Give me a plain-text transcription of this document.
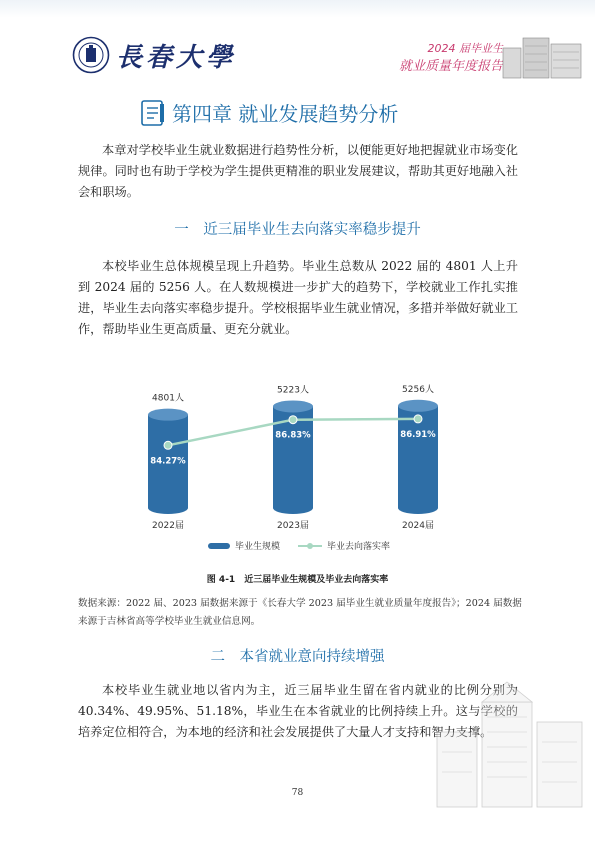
長春大學	2024 届毕业生
就业质量年度报告
第四章 就业发展趋势分析

本章对学校毕业生就业数据进行趋势性分析，以便能更好地把握就业市场变化规律。同时也有助于学校为学生提供更精准的职业发展建议，帮助其更好地融入社会和职场。

一　近三届毕业生去向落实率稳步提升

本校毕业生总体规模呈现上升趋势。毕业生总数从 2022 届的 4801 人上升到 2024 届的 5256 人。在人数规模进一步扩大的趋势下，学校就业工作扎实推进，毕业生去向落实率稳步提升。学校根据毕业生就业情况，多措并举做好就业工作，帮助毕业生更高质量、更充分就业。

4801人
2022届
5223人
2023届
5256人
2024届
84.27%
86.83%	86.91%
毕业生规模	毕业去向落实率
图 4-1　近三届毕业生规模及毕业去向落实率
数据来源：2022 届、2023 届数据来源于《长春大学 2023 届毕业生就业质量年度报告》；2024 届数据来源于吉林省高等学校毕业生就业信息网。
二　本省就业意向持续增强

本校毕业生就业地以省内为主，近三届毕业生留在省内就业的比例分别为 40.34%、49.95%、51.18%，毕业生在本省就业的比例持续上升。这与学校的培养定位相符合，为本地的经济和社会发展提供了大量人才支持和智力支撑。

78
